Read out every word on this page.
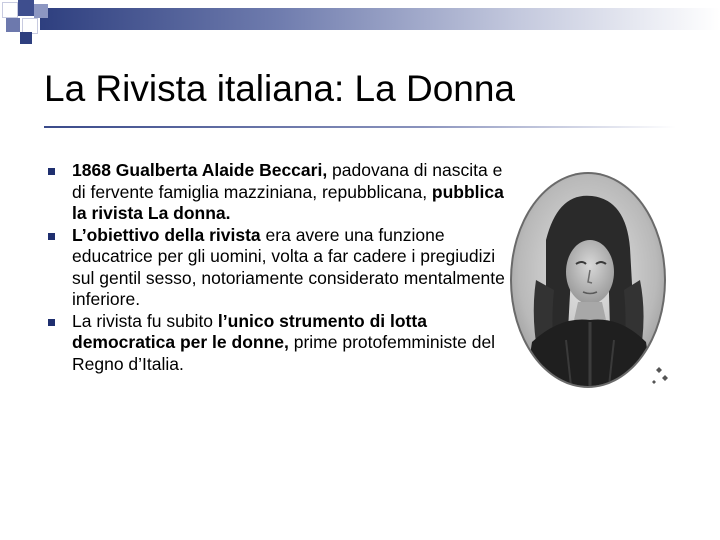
La Rivista italiana: La Donna
1868 Gualberta Alaide Beccari, padovana di nascita e di fervente famiglia mazziniana, repubblicana, pubblica la rivista La donna.
L’obiettivo della rivista era avere una funzione educatrice per gli uomini, volta a far cadere i pregiudizi sul gentil sesso, notoriamente considerato mentalmente inferiore.
La rivista fu subito l’unico strumento di lotta democratica per le donne, prime protofemministe del Regno d’Italia.
